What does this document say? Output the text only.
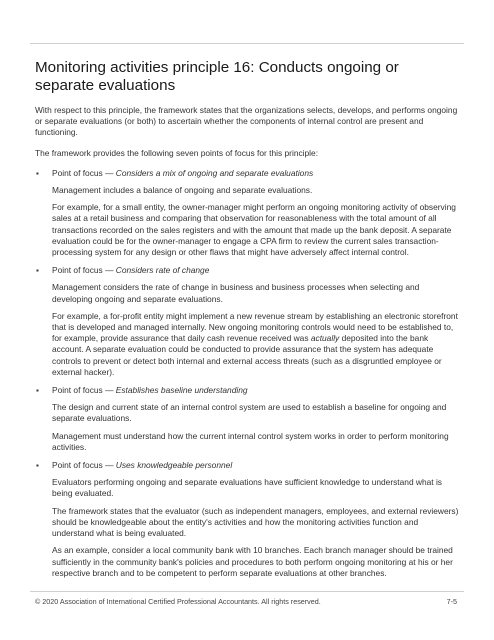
Monitoring activities principle 16: Conducts ongoing or separate evaluations

With respect to this principle, the framework states that the organizations selects, develops, and performs ongoing or separate evaluations (or both) to ascertain whether the components of internal control are present and functioning.

The framework provides the following seven points of focus for this principle:

▪ Point of focus — Considers a mix of ongoing and separate evaluations

Management includes a balance of ongoing and separate evaluations.

For example, for a small entity, the owner-manager might perform an ongoing monitoring activity of observing sales at a retail business and comparing that observation for reasonableness with the total amount of all transactions recorded on the sales registers and with the amount that made up the bank deposit. A separate evaluation could be for the owner-manager to engage a CPA firm to review the current sales transaction-processing system for any design or other flaws that might have adversely affect internal control.

▪ Point of focus — Considers rate of change

Management considers the rate of change in business and business processes when selecting and developing ongoing and separate evaluations.

For example, a for-profit entity might implement a new revenue stream by establishing an electronic storefront that is developed and managed internally. New ongoing monitoring controls would need to be established to, for example, provide assurance that daily cash revenue received was actually deposited into the bank account. A separate evaluation could be conducted to provide assurance that the system has adequate controls to prevent or detect both internal and external access threats (such as a disgruntled employee or external hacker).

▪ Point of focus — Establishes baseline understanding

The design and current state of an internal control system are used to establish a baseline for ongoing and separate evaluations.

Management must understand how the current internal control system works in order to perform monitoring activities.

▪ Point of focus — Uses knowledgeable personnel

Evaluators performing ongoing and separate evaluations have sufficient knowledge to understand what is being evaluated.

The framework states that the evaluator (such as independent managers, employees, and external reviewers) should be knowledgeable about the entity's activities and how the monitoring activities function and understand what is being evaluated.

As an example, consider a local community bank with 10 branches. Each branch manager should be trained sufficiently in the community bank's policies and procedures to both perform ongoing monitoring at his or her respective branch and to be competent to perform separate evaluations at other branches.

© 2020 Association of International Certified Professional Accountants. All rights reserved.	7-5
